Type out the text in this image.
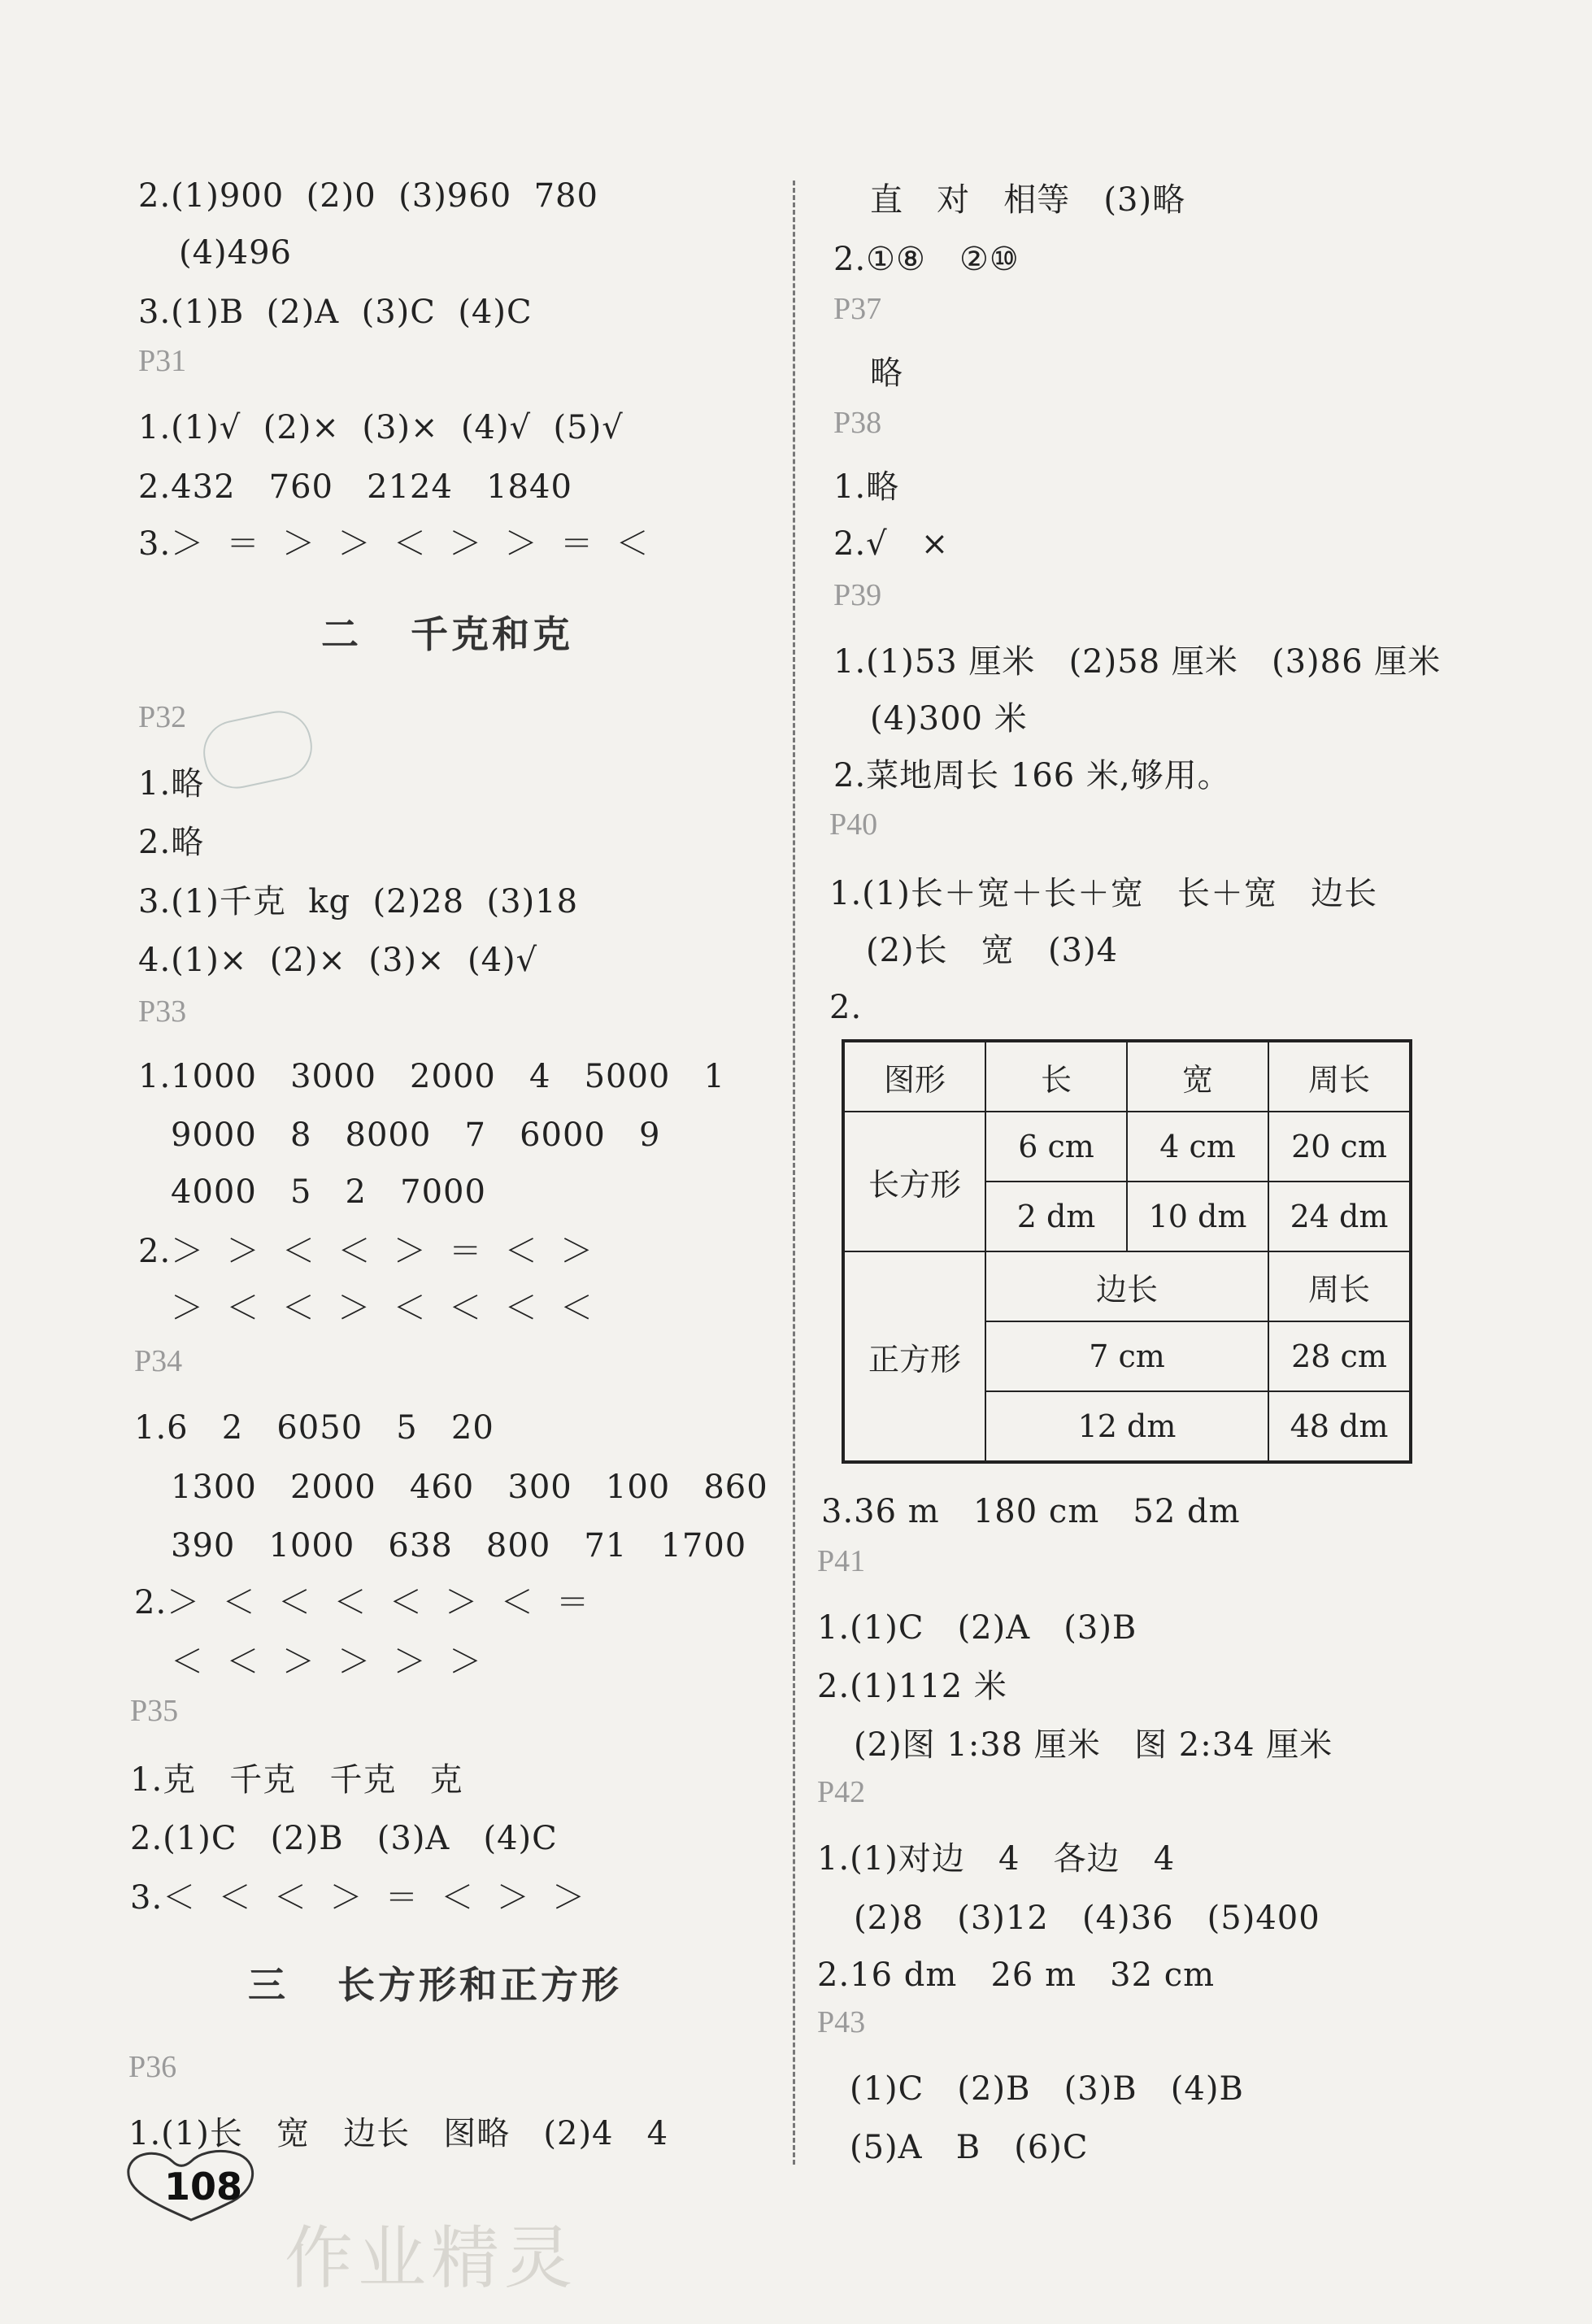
2.(1)900  (2)0  (3)960  780
(4)496
3.(1)B  (2)A  (3)C  (4)C
P31
1.(1)√  (2)×  (3)×  (4)√  (5)√
2.432   760   2124   1840
3.＞  ＝  ＞  ＞  ＜  ＞  ＞  ＝  ＜
二   千克和克
P32
1.略
2.略
3.(1)千克  kg  (2)28  (3)18
4.(1)×  (2)×  (3)×  (4)√
P33
1.1000   3000   2000   4   5000   1
9000   8   8000   7   6000   9
4000   5   2   7000
2.＞  ＞  ＜  ＜  ＞  ＝  ＜  ＞
＞  ＜  ＜  ＞  ＜  ＜  ＜  ＜
P34
1.6   2   6050   5   20
1300   2000   460   300   100   860
390   1000   638   800   71   1700
2.＞  ＜  ＜  ＜  ＜  ＞  ＜  ＝
＜  ＜  ＞  ＞  ＞  ＞
P35
1.克   千克   千克   克
2.(1)C   (2)B   (3)A   (4)C
3.＜  ＜  ＜  ＞  ＝  ＜  ＞  ＞
三   长方形和正方形
P36
1.(1)长   宽   边长   图略   (2)4   4
直   对   相等   (3)略
2.①⑧   ②⑩
P37
略
P38
1.略
2.√   ×
P39
1.(1)53 厘米   (2)58 厘米   (3)86 厘米
(4)300 米
2.菜地周长 166 米,够用。
P40
1.(1)长＋宽＋长＋宽   长＋宽   边长
(2)长   宽   (3)4
2.
图形	长	宽	周长
长方形	6 cm	4 cm	20 cm
	2 dm	10 dm	24 dm
正方形	边长		周长
	7 cm		28 cm
	12 dm		48 dm
3.36 m   180 cm   52 dm
P41
1.(1)C   (2)A   (3)B
2.(1)112 米
(2)图 1:38 厘米   图 2:34 厘米
P42
1.(1)对边   4   各边   4
(2)8   (3)12   (4)36   (5)400
2.16 dm   26 m   32 cm
P43
(1)C   (2)B   (3)B   (4)B
(5)A   B   (6)C
108
作业精灵
